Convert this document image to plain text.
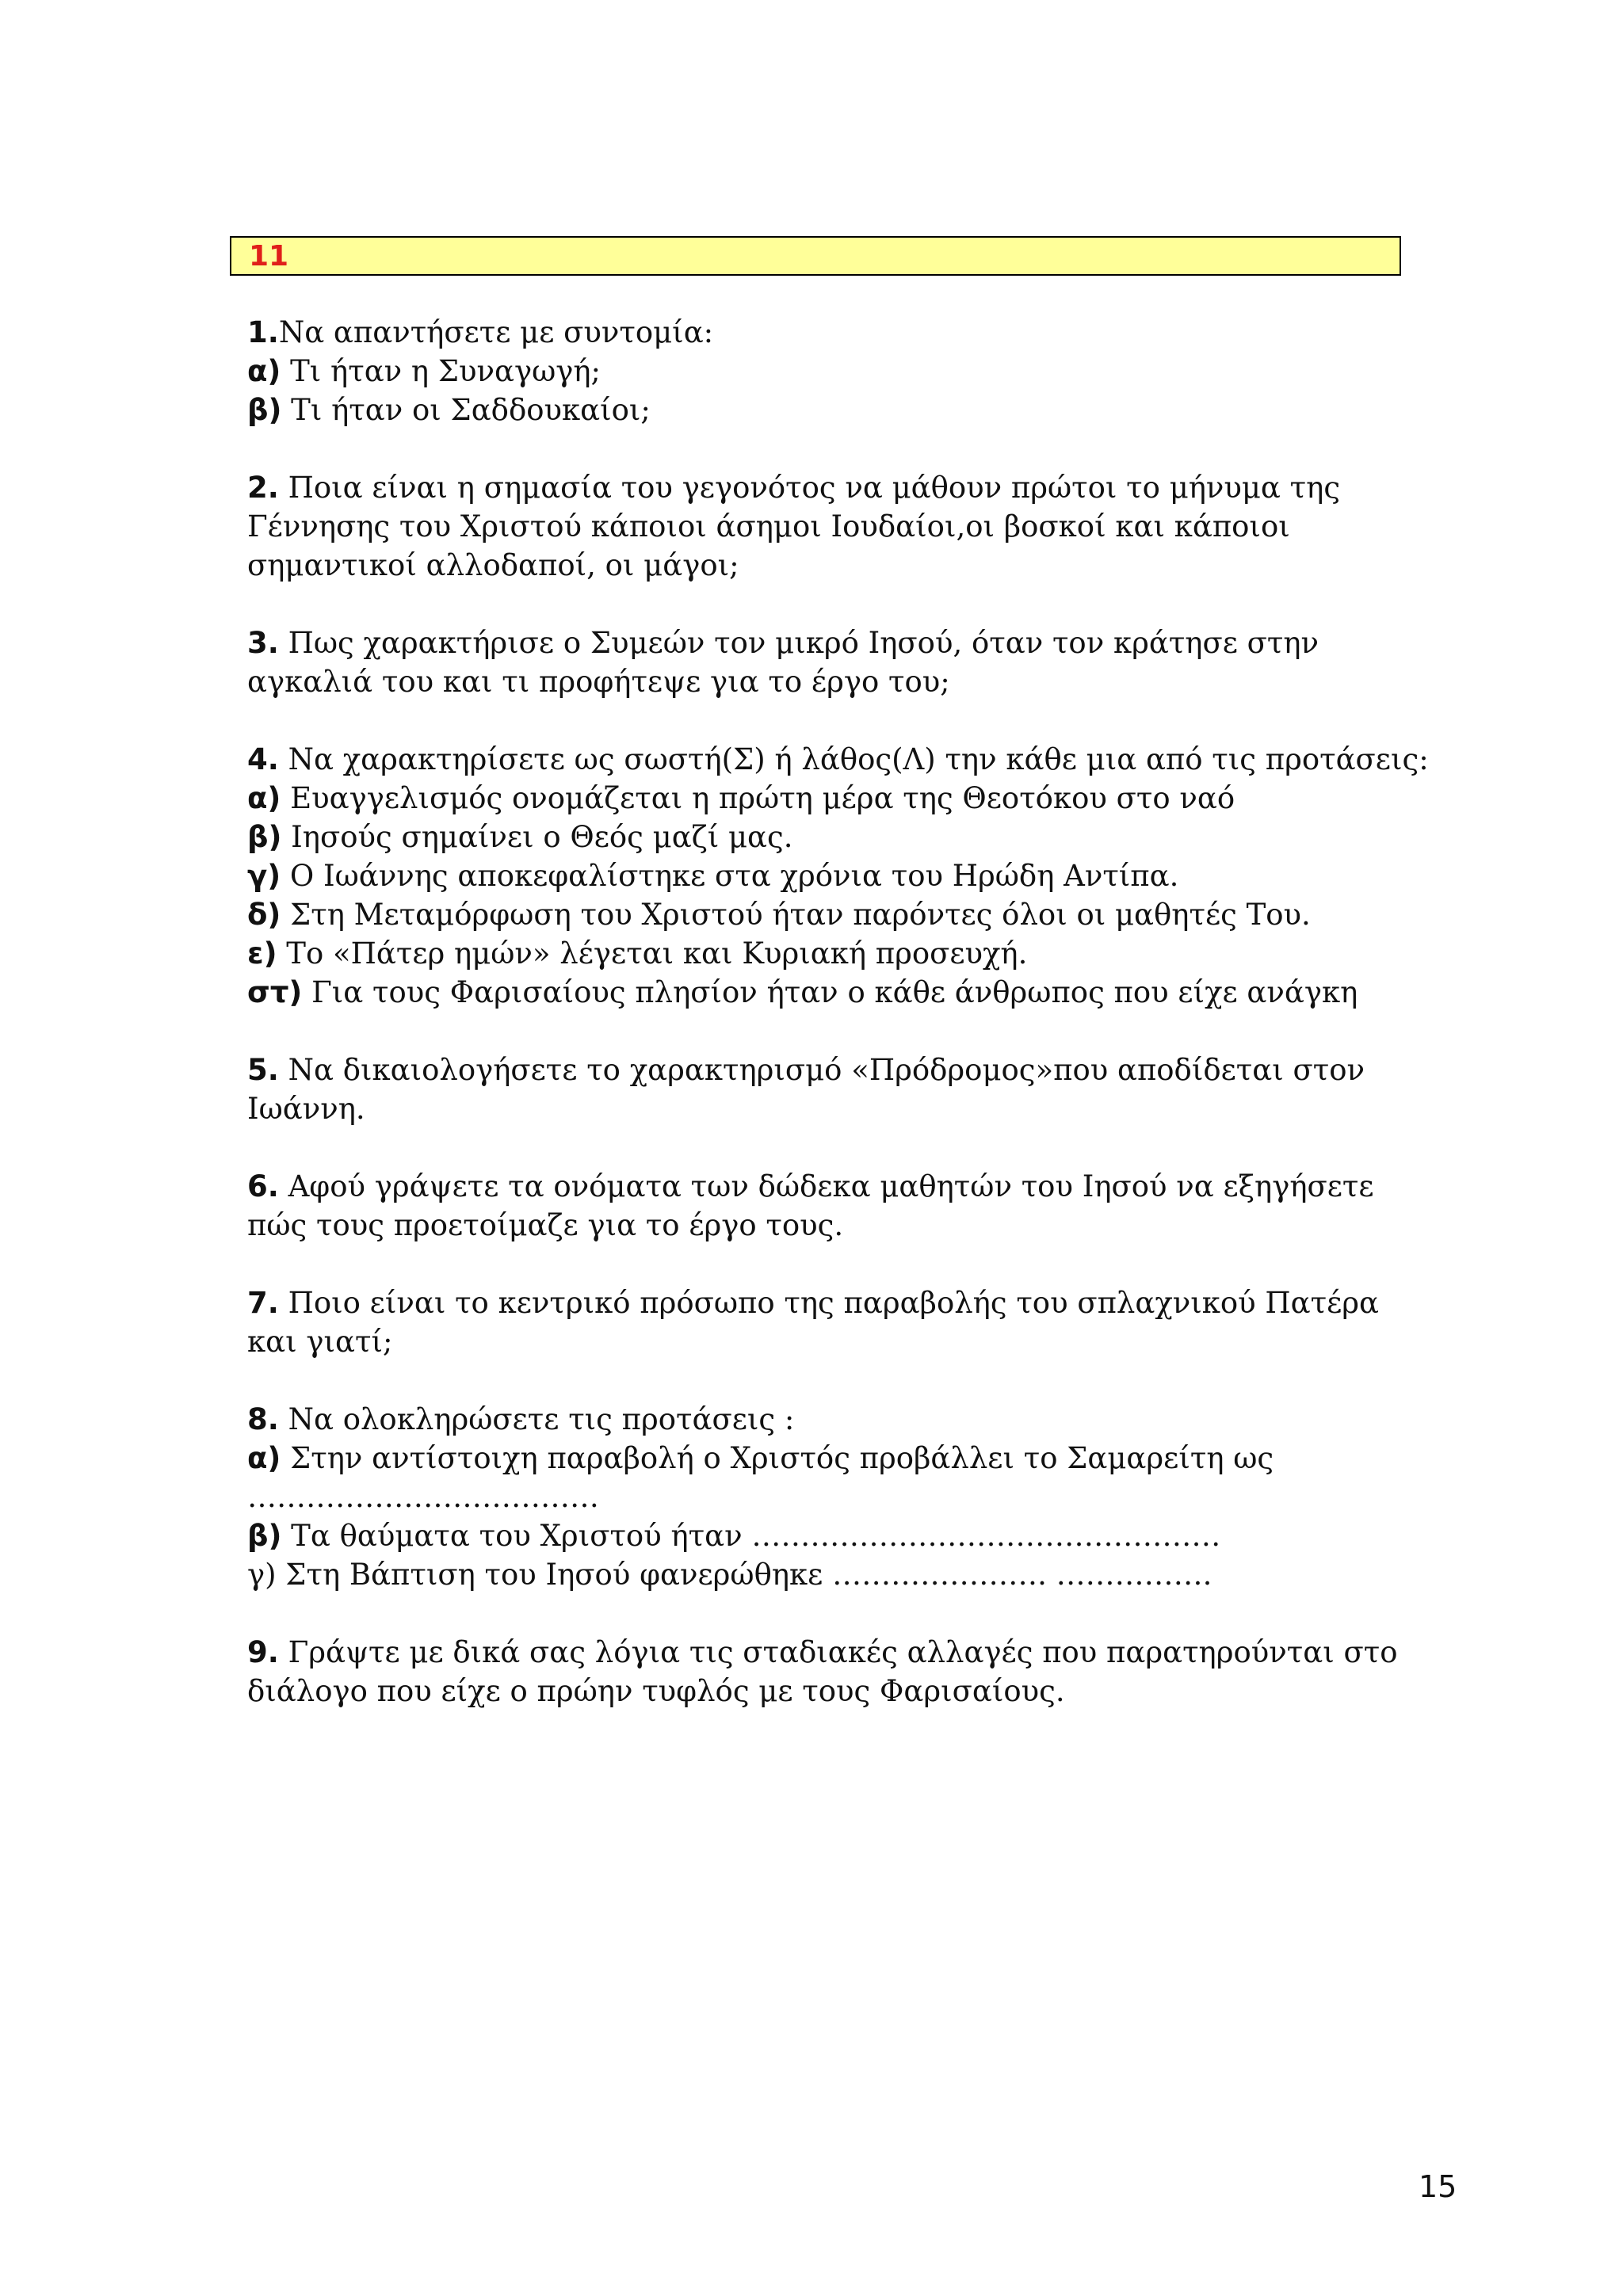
11
1.Να απαντήσετε με συντομία:
α) Τι ήταν η Συναγωγή;
β) Τι ήταν οι Σαδδουκαίοι;
2. Ποια είναι η σημασία του γεγονότος να μάθουν πρώτοι το μήνυμα της
Γέννησης του Χριστού κάποιοι άσημοι Ιουδαίοι,οι βοσκοί και κάποιοι
σημαντικοί αλλοδαποί, οι μάγοι;
3. Πως χαρακτήρισε ο Συμεών τον μικρό Ιησού, όταν τον κράτησε στην
αγκαλιά του και τι προφήτεψε για το έργο του;
4. Να χαρακτηρίσετε ως σωστή(Σ) ή λάθος(Λ) την κάθε μια από τις προτάσεις:
α) Ευαγγελισμός ονομάζεται η πρώτη μέρα της Θεοτόκου στο ναό
β) Ιησούς σημαίνει ο Θεός μαζί μας.
γ) Ο Ιωάννης αποκεφαλίστηκε στα χρόνια του Ηρώδη Αντίπα.
δ) Στη Μεταμόρφωση του Χριστού ήταν παρόντες όλοι οι μαθητές Του.
ε) Το «Πάτερ ημών» λέγεται και Κυριακή προσευχή.
στ) Για τους Φαρισαίους πλησίον ήταν ο κάθε άνθρωπος που είχε ανάγκη
5. Να δικαιολογήσετε το χαρακτηρισμό «Πρόδρομος»που αποδίδεται στον
Ιωάννη.
6. Αφού γράψετε τα ονόματα των δώδεκα μαθητών του Ιησού να εξηγήσετε
πώς τους προετοίμαζε για το έργο τους.
7. Ποιο είναι το κεντρικό πρόσωπο της παραβολής του σπλαχνικού Πατέρα
και γιατί;
8. Να ολοκληρώσετε τις προτάσεις :
α) Στην αντίστοιχη παραβολή ο Χριστός προβάλλει το Σαμαρείτη ως
………………………………
β) Τα θαύματα του Χριστού ήταν …………………………………………
γ) Στη Βάπτιση του Ιησού φανερώθηκε …………………. …………….
9. Γράψτε με δικά σας λόγια τις σταδιακές αλλαγές που παρατηρούνται στο
διάλογο που είχε ο πρώην τυφλός με τους Φαρισαίους.
15
